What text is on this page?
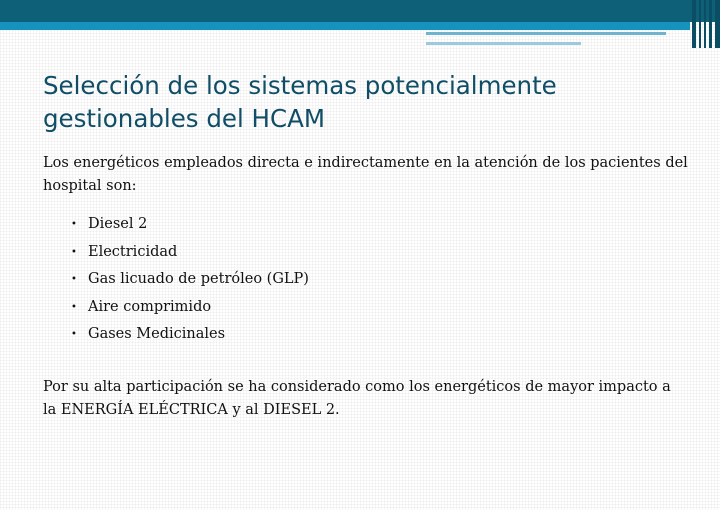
Selección de los sistemas potencialmente gestionables del HCAM

Los energéticos empleados directa e indirectamente en la atención de los pacientes del hospital son:

• Diesel 2
• Electricidad
• Gas licuado de petróleo (GLP)
• Aire comprimido
• Gases Medicinales

Por su alta participación se ha considerado como los energéticos de mayor impacto a la ENERGÍA ELÉCTRICA y al DIESEL 2.
